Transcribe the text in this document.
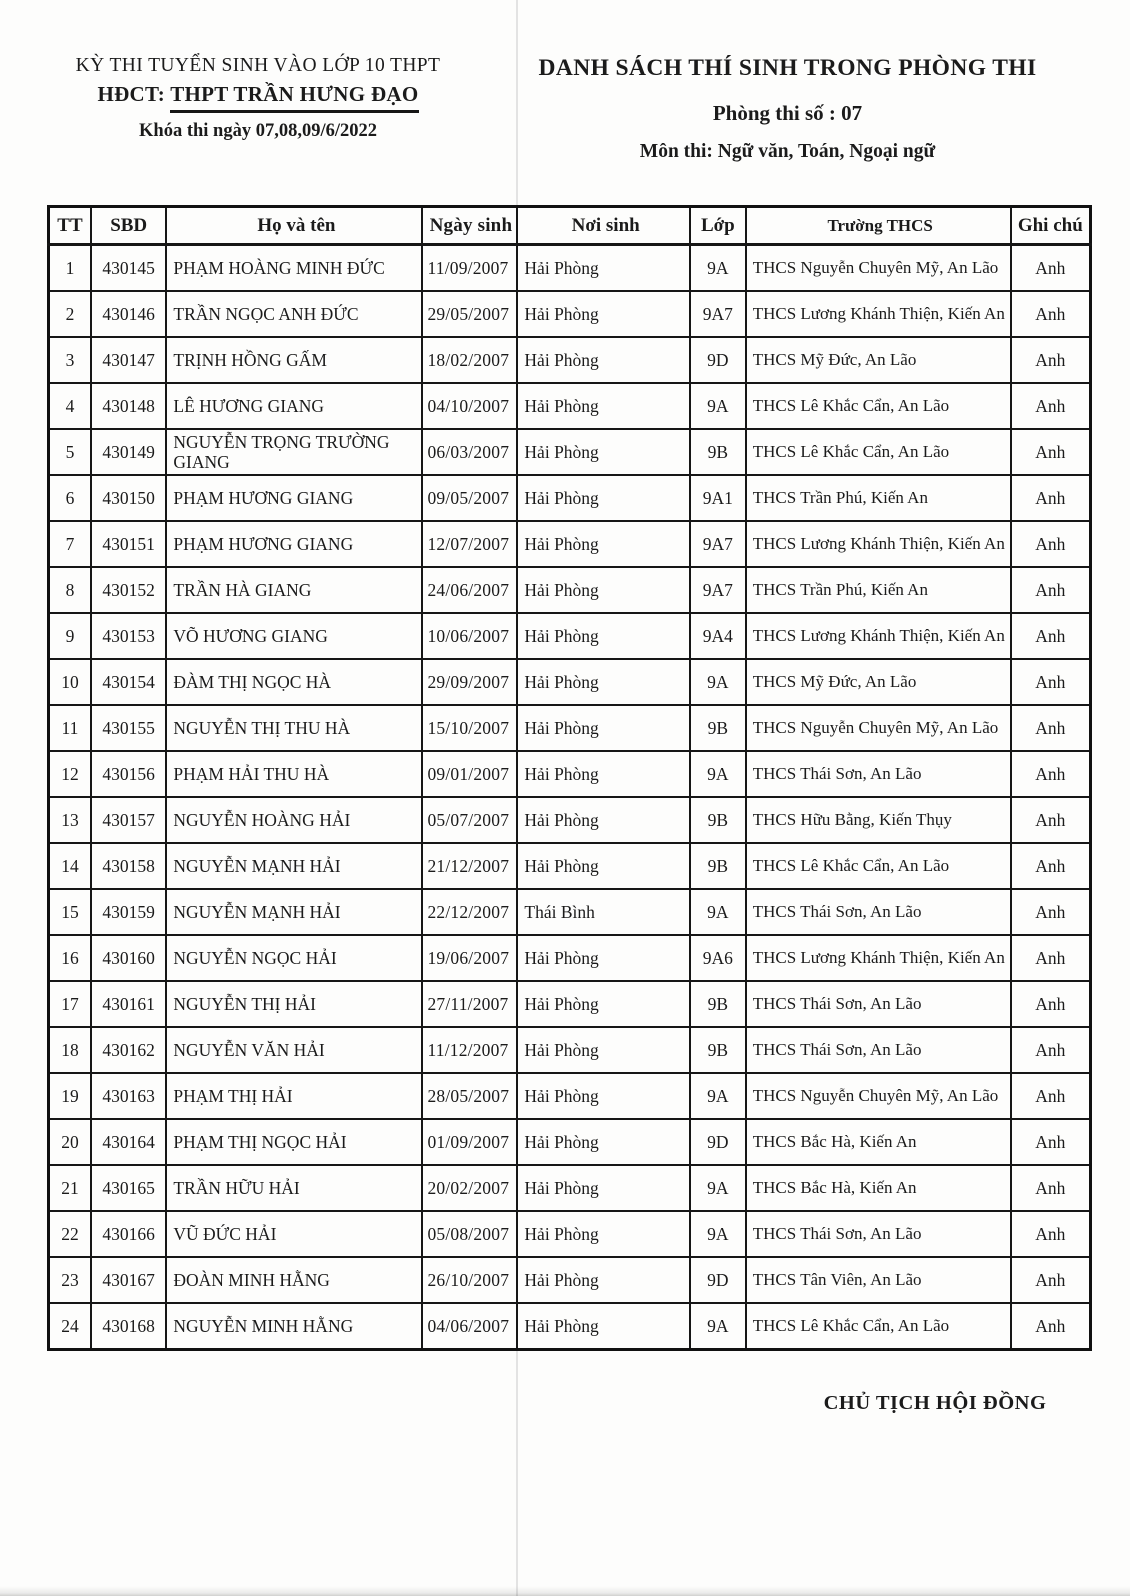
KỲ THI TUYỂN SINH VÀO LỚP 10 THPT
HĐCT: THPT TRẦN HƯNG ĐẠO
Khóa thi ngày 07,08,09/6/2022
DANH SÁCH THÍ SINH TRONG PHÒNG THI
Phòng thi số : 07
Môn thi: Ngữ văn, Toán, Ngoại ngữ
TT	SBD	Họ và tên	Ngày sinh	Nơi sinh	Lớp	Trường THCS	Ghi chú
1	430145	PHẠM HOÀNG MINH ĐỨC	11/09/2007	Hải Phòng	9A	THCS Nguyễn Chuyên Mỹ, An Lão	Anh
2	430146	TRẦN NGỌC ANH ĐỨC	29/05/2007	Hải Phòng	9A7	THCS Lương Khánh Thiện, Kiến An	Anh
3	430147	TRỊNH HỒNG GẤM	18/02/2007	Hải Phòng	9D	THCS Mỹ Đức, An Lão	Anh
4	430148	LÊ HƯƠNG GIANG	04/10/2007	Hải Phòng	9A	THCS Lê Khắc Cẩn, An Lão	Anh
5	430149	NGUYỄN TRỌNG TRƯỜNG GIANG	06/03/2007	Hải Phòng	9B	THCS Lê Khắc Cẩn, An Lão	Anh
6	430150	PHẠM HƯƠNG GIANG	09/05/2007	Hải Phòng	9A1	THCS Trần Phú, Kiến An	Anh
7	430151	PHẠM HƯƠNG GIANG	12/07/2007	Hải Phòng	9A7	THCS Lương Khánh Thiện, Kiến An	Anh
8	430152	TRẦN HÀ GIANG	24/06/2007	Hải Phòng	9A7	THCS Trần Phú, Kiến An	Anh
9	430153	VÕ HƯƠNG GIANG	10/06/2007	Hải Phòng	9A4	THCS Lương Khánh Thiện, Kiến An	Anh
10	430154	ĐÀM THỊ NGỌC HÀ	29/09/2007	Hải Phòng	9A	THCS Mỹ Đức, An Lão	Anh
11	430155	NGUYỄN THỊ THU HÀ	15/10/2007	Hải Phòng	9B	THCS Nguyễn Chuyên Mỹ, An Lão	Anh
12	430156	PHẠM HẢI THU HÀ	09/01/2007	Hải Phòng	9A	THCS Thái Sơn, An Lão	Anh
13	430157	NGUYỄN HOÀNG HẢI	05/07/2007	Hải Phòng	9B	THCS Hữu Bằng, Kiến Thụy	Anh
14	430158	NGUYỄN MẠNH HẢI	21/12/2007	Hải Phòng	9B	THCS Lê Khắc Cẩn, An Lão	Anh
15	430159	NGUYỄN MẠNH HẢI	22/12/2007	Thái Bình	9A	THCS Thái Sơn, An Lão	Anh
16	430160	NGUYỄN NGỌC HẢI	19/06/2007	Hải Phòng	9A6	THCS Lương Khánh Thiện, Kiến An	Anh
17	430161	NGUYỄN THỊ HẢI	27/11/2007	Hải Phòng	9B	THCS Thái Sơn, An Lão	Anh
18	430162	NGUYỄN VĂN HẢI	11/12/2007	Hải Phòng	9B	THCS Thái Sơn, An Lão	Anh
19	430163	PHẠM THỊ HẢI	28/05/2007	Hải Phòng	9A	THCS Nguyễn Chuyên Mỹ, An Lão	Anh
20	430164	PHẠM THỊ NGỌC HẢI	01/09/2007	Hải Phòng	9D	THCS Bắc Hà, Kiến An	Anh
21	430165	TRẦN HỮU HẢI	20/02/2007	Hải Phòng	9A	THCS Bắc Hà, Kiến An	Anh
22	430166	VŨ ĐỨC HẢI	05/08/2007	Hải Phòng	9A	THCS Thái Sơn, An Lão	Anh
23	430167	ĐOÀN MINH HẰNG	26/10/2007	Hải Phòng	9D	THCS Tân Viên, An Lão	Anh
24	430168	NGUYỄN MINH HẰNG	04/06/2007	Hải Phòng	9A	THCS Lê Khắc Cẩn, An Lão	Anh
CHỦ TỊCH HỘI ĐỒNG
